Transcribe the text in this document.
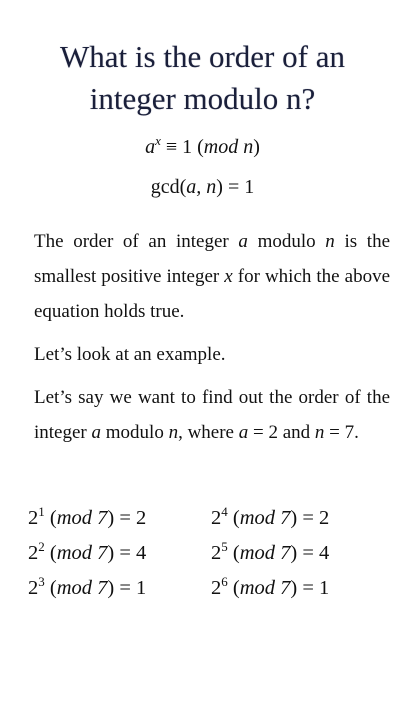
What is the order of an
integer modulo n?
$a^x \equiv 1$ (mod n)
gcd(a, n) = 1
The order of an integer a modulo n is the smallest positive integer x for which the above equation holds true.
Let’s look at an example.
Let’s say we want to find out the order of the integer a modulo n, where a = 2 and n = 7.
$2^1$ (mod 7) = 2
$2^2$ (mod 7) = 4
$2^3$ (mod 7) = 1
$2^4$ (mod 7) = 2
$2^5$ (mod 7) = 4
$2^6$ (mod 7) = 1
